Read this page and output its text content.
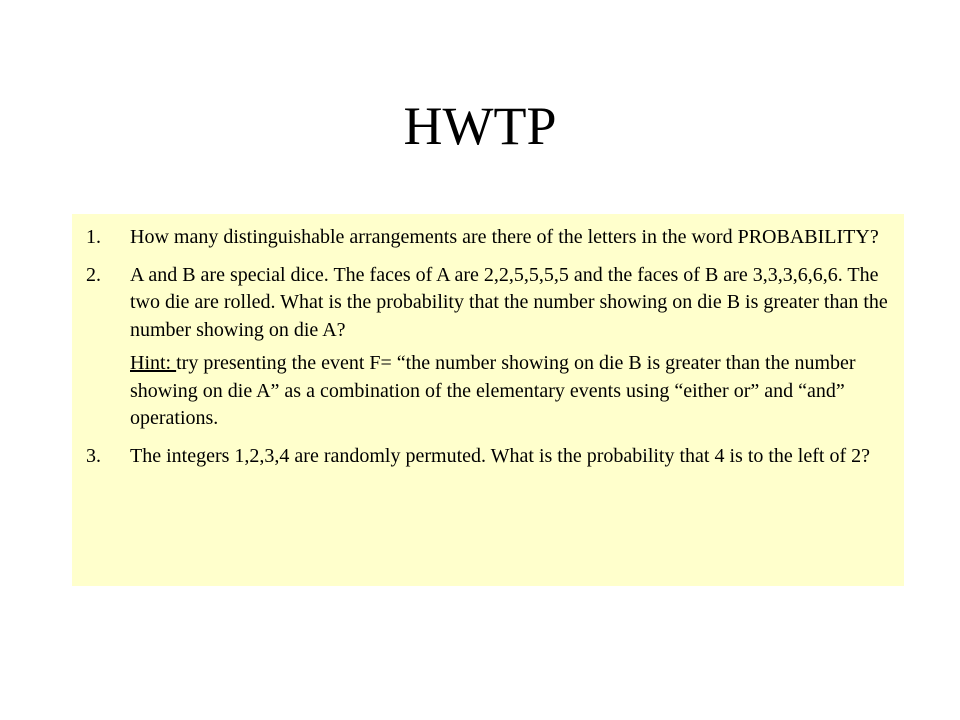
HWTP
1. How many distinguishable arrangements are there of the letters in the word PROBABILITY?
2. A and B are special dice. The faces of A are 2,2,5,5,5,5 and the faces of B are 3,3,3,6,6,6. The two die are rolled. What is the probability that the number showing on die B is greater than the number showing on die A?
Hint: try presenting the event F= “the number showing on die B is greater than the number showing on die A” as a combination of the elementary events using “either or” and “and” operations.
3. The integers 1,2,3,4 are randomly permuted. What is the probability that 4 is to the left of 2?
